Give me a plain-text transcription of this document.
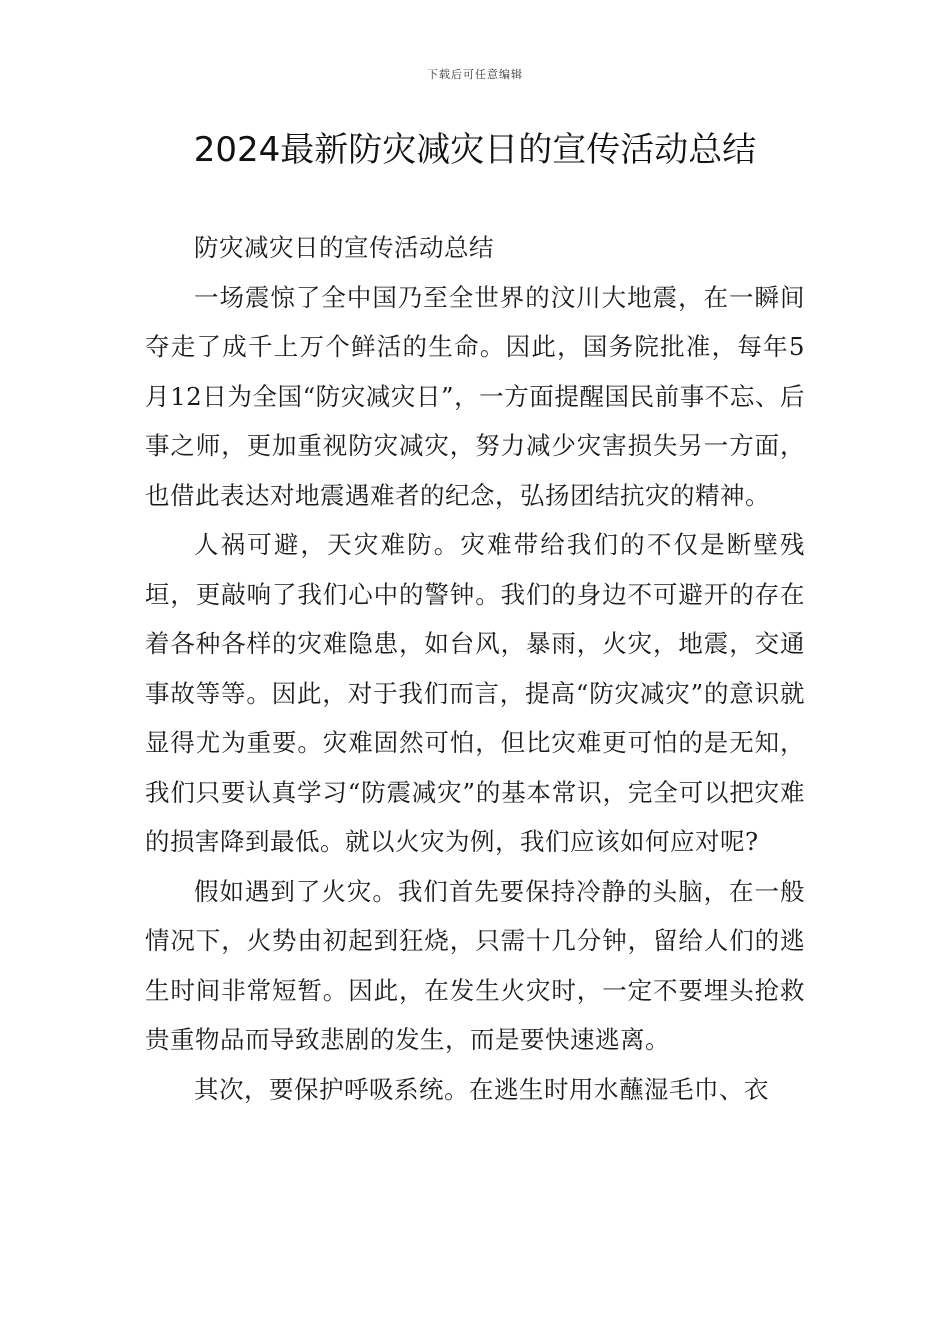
下载后可任意编辑
2024最新防灾减灾日的宣传活动总结

防灾减灾日的宣传活动总结

一场震惊了全中国乃至全世界的汶川大地震，在一瞬间夺走了成千上万个鲜活的生命。因此，国务院批准，每年5月12日为全国“防灾减灾日”，一方面提醒国民前事不忘、后事之师，更加重视防灾减灾，努力减少灾害损失另一方面，也借此表达对地震遇难者的纪念，弘扬团结抗灾的精神。

人祸可避，天灾难防。灾难带给我们的不仅是断壁残垣，更敲响了我们心中的警钟。我们的身边不可避开的存在着各种各样的灾难隐患，如台风，暴雨，火灾，地震，交通事故等等。因此，对于我们而言，提高“防灾减灾”的意识就显得尤为重要。灾难固然可怕，但比灾难更可怕的是无知，我们只要认真学习“防震减灾”的基本常识，完全可以把灾难的损害降到最低。就以火灾为例，我们应该如何应对呢?

假如遇到了火灾。我们首先要保持冷静的头脑，在一般情况下，火势由初起到狂烧，只需十几分钟，留给人们的逃生时间非常短暂。因此，在发生火灾时，一定不要埋头抢救贵重物品而导致悲剧的发生，而是要快速逃离。

其次，要保护呼吸系统。在逃生时用水蘸湿毛巾、衣
